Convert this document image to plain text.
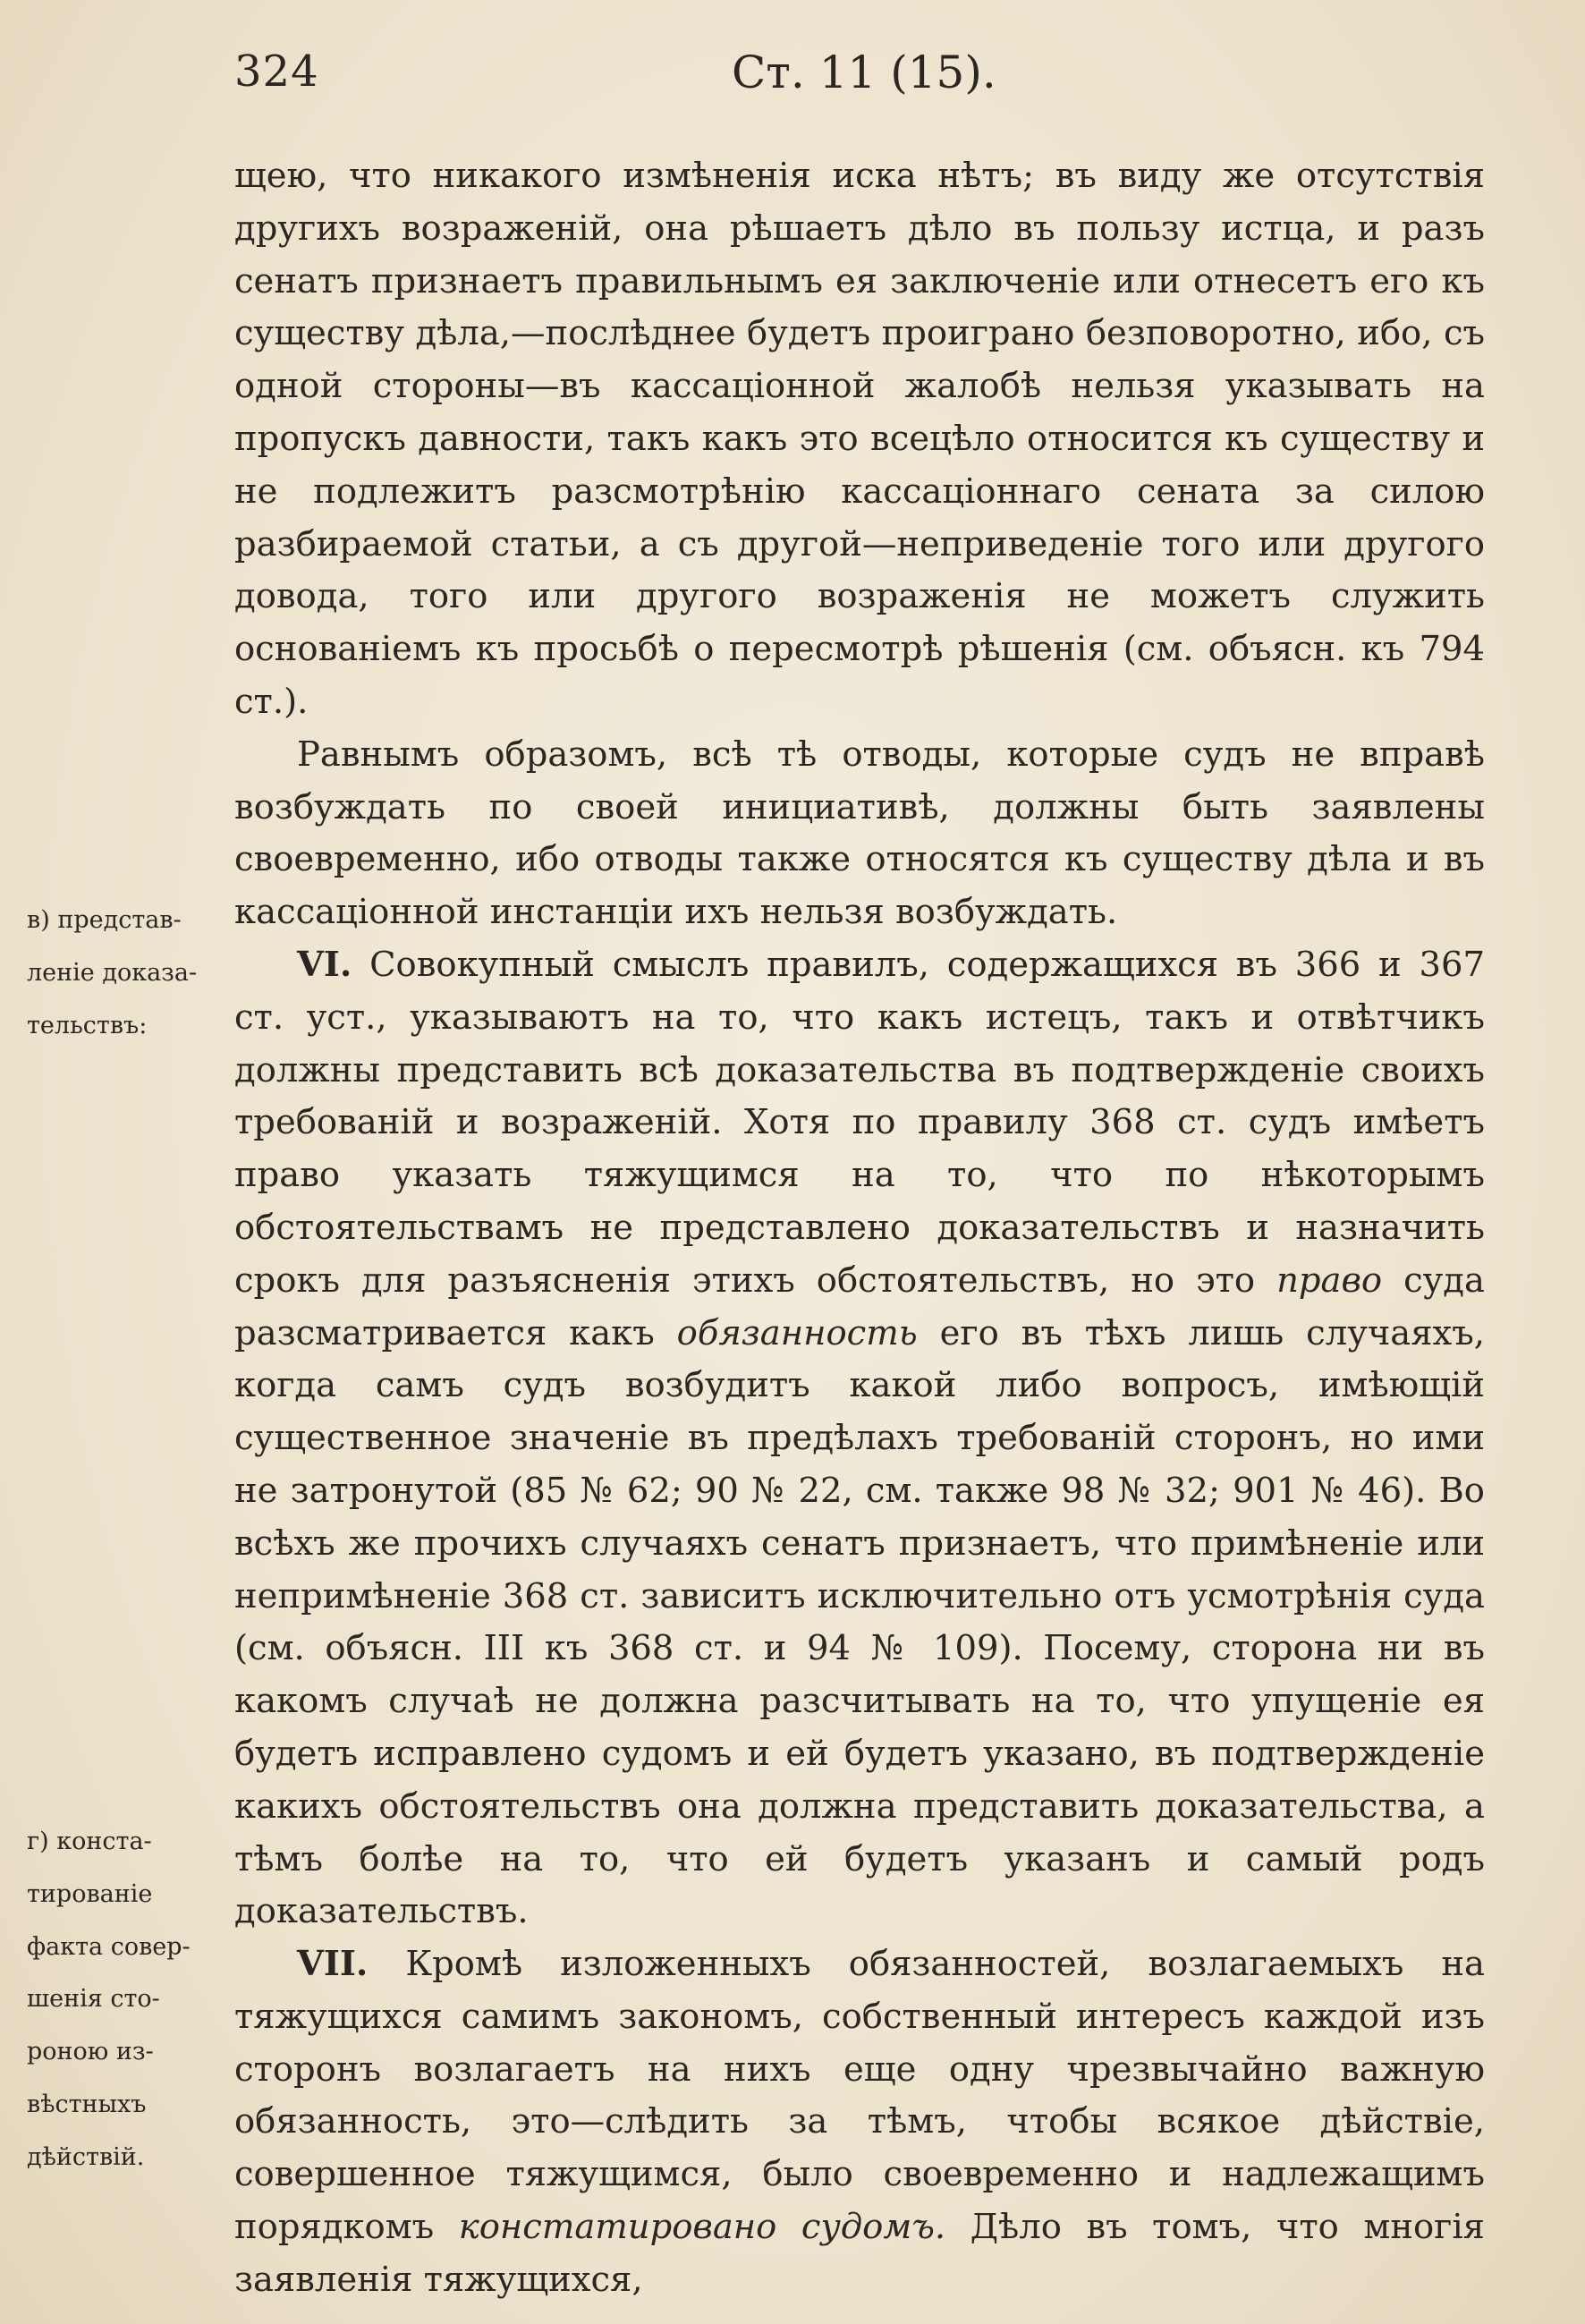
324	Ст. 11 (15).
в) представ-
леніе доказа-
тельствъ:
г) конста-
тированіе
факта совер-
шенія сто-
роною из-
вѣстныхъ
дѣйствій.

щею, что никакого измѣненія иска нѣтъ; въ виду же отсутствія другихъ возраженій, она рѣшаетъ дѣло въ пользу истца, и разъ сенатъ признаетъ правильнымъ ея заключеніе или отнесетъ его къ существу дѣла,—послѣднее будетъ проиграно безповоротно, ибо, съ одной стороны—въ кассаціонной жалобѣ нельзя указывать на пропускъ давности, такъ какъ это всецѣло относится къ существу и не подлежитъ разсмотрѣнію кассаціоннаго сената за силою разбираемой статьи, а съ другой—неприведеніе того или другого довода, того или другого возраженія не можетъ служить основаніемъ къ просьбѣ о пересмотрѣ рѣшенія (см. объясн. къ 794 ст.).

Равнымъ образомъ, всѣ тѣ отводы, которые судъ не вправѣ возбуждать по своей инициативѣ, должны быть заявлены своевременно, ибо отводы также относятся къ существу дѣла и въ кассаціонной инстанціи ихъ нельзя возбуждать.

VI. Совокупный смыслъ правилъ, содержащихся въ 366 и 367 ст. уст., указываютъ на то, что какъ истецъ, такъ и отвѣтчикъ должны представить всѣ доказательства въ подтвержденіе своихъ требованій и возраженій. Хотя по правилу 368 ст. судъ имѣетъ право указать тяжущимся на то, что по нѣкоторымъ обстоятельствамъ не представлено доказательствъ и назначить срокъ для разъясненія этихъ обстоятельствъ, но это право суда разсматривается какъ обязанность его въ тѣхъ лишь случаяхъ, когда самъ судъ возбудитъ какой либо вопросъ, имѣющій существенное значеніе въ предѣлахъ требованій сторонъ, но ими не затронутой (85 № 62; 90 № 22, см. также 98 № 32; 901 № 46). Во всѣхъ же прочихъ случаяхъ сенатъ признаетъ, что примѣненіе или непримѣненіе 368 ст. зависитъ исключительно отъ усмотрѣнія суда (см. объясн. III къ 368 ст. и 94 № 109). Посему, сторона ни въ какомъ случаѣ не должна разсчитывать на то, что упущеніе ея будетъ исправлено судомъ и ей будетъ указано, въ подтвержденіе какихъ обстоятельствъ она должна представить доказательства, а тѣмъ болѣе на то, что ей будетъ указанъ и самый родъ доказательствъ.

VII. Кромѣ изложенныхъ обязанностей, возлагаемыхъ на тяжущихся самимъ закономъ, собственный интересъ каждой изъ сторонъ возлагаетъ на нихъ еще одну чрезвычайно важную обязанность, это—слѣдить за тѣмъ, чтобы всякое дѣйствіе, совершенное тяжущимся, было своевременно и надлежащимъ порядкомъ констатировано судомъ. Дѣло въ томъ, что многія заявленія тяжущихся,
